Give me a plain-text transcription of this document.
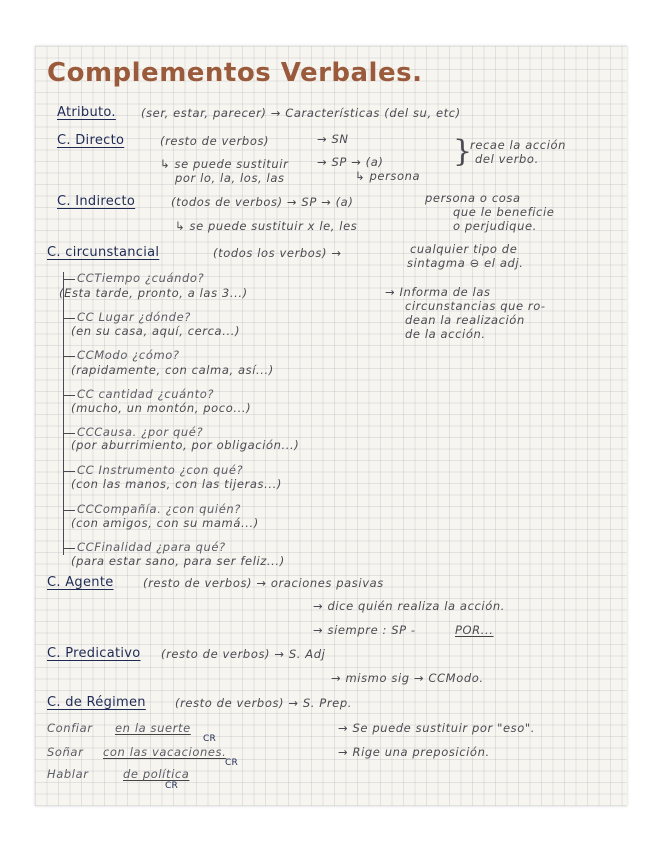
Complementos Verbales.
Atributo. (ser, estar, parecer) → Características (del su, etc)
C. Directo	(resto de verbos)	→ SN
→ SP → (a)
↳ persona
↳ se puede sustituir
por lo, la, los, las
}
recae la acción
del verbo.
C. Indirecto	(todos de verbos) → SP → (a)	persona o cosa
que le beneficie
o perjudique.
↳ se puede sustituir x le, les
C. circunstancial	(todos los verbos) →	cualquier tipo de
sintagma ⊖ el adj.
→ Informa de las
circunstancias que ro-
dean la realización
de la acción.
CCTiempo ¿cuándo?
(Esta tarde, pronto, a las 3...)
CC Lugar ¿dónde?
(en su casa, aquí, cerca...)
CCModo ¿cómo?
(rapidamente, con calma, así...)
CC cantidad ¿cuánto?
(mucho, un montón, poco...)
CCCausa. ¿por qué?
(por aburrimiento, por obligación...)
CC Instrumento ¿con qué?
(con las manos, con las tijeras...)
CCCompañía. ¿con quién?
(con amigos, con su mamá...)
CCFinalidad ¿para qué?
(para estar sano, para ser feliz...)
C. Agente	(resto de verbos) → oraciones pasivas
→ dice quién realiza la acción.
→ siempre : SP -	POR...
C. Predicativo (resto de verbos) → S. Adj
→ mismo sig → CCModo.
C. de Régimen	(resto de verbos) → S. Prep.
→ Se puede sustituir por "eso".
→ Rige una preposición.
Confiar en la suerte
CR
Soñar con las vacaciones.
CR
Hablar	de política
CR
